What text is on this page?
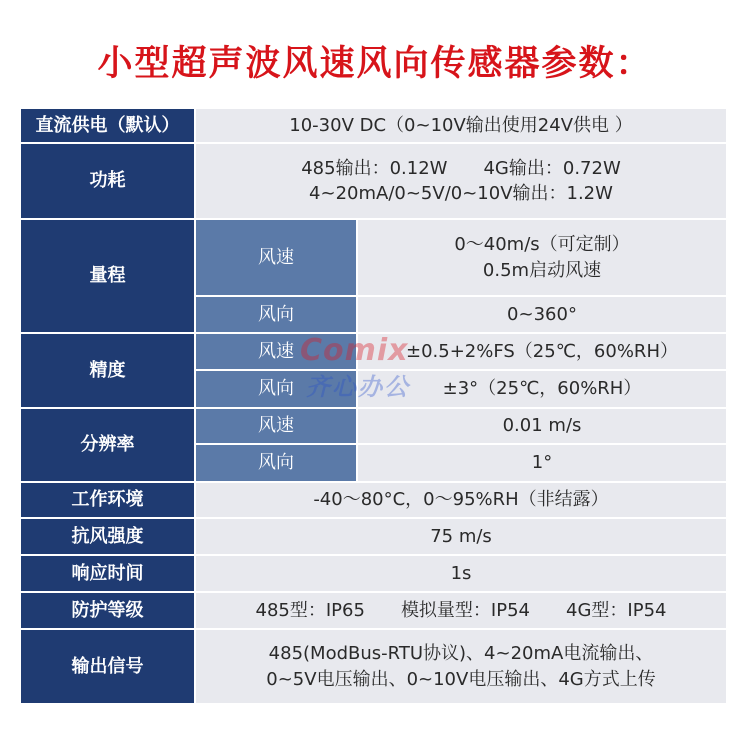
小型超声波风速风向传感器参数：
直流供电（默认）	10-30V DC（0~10V输出使用24V供电 ）	
功耗	485输出：0.12W 4G输出：0.72W
4~20mA/0~5V/0~10V输出：1.2W	

量程	风速	0～40m/s（可定制）
0.5m启动风速

	风向	0~360°
精度	风速	±0.5+2%FS（25℃，60%RH）
	风向	±3°（25℃，60%RH）
分辨率	风速	0.01 m/s
	风向	1°
工作环境	-40～80°C，0～95%RH（非结露）	
抗风强度	75 m/s	
响应时间	1s	
防护等级	485型：IP65 模拟量型：IP54 4G型：IP54	
输出信号	485(ModBus-RTU协议)、4~20mA电流输出、
0~5V电压输出、0~10V电压输出、4G方式上传	
Comix
齐心办公
